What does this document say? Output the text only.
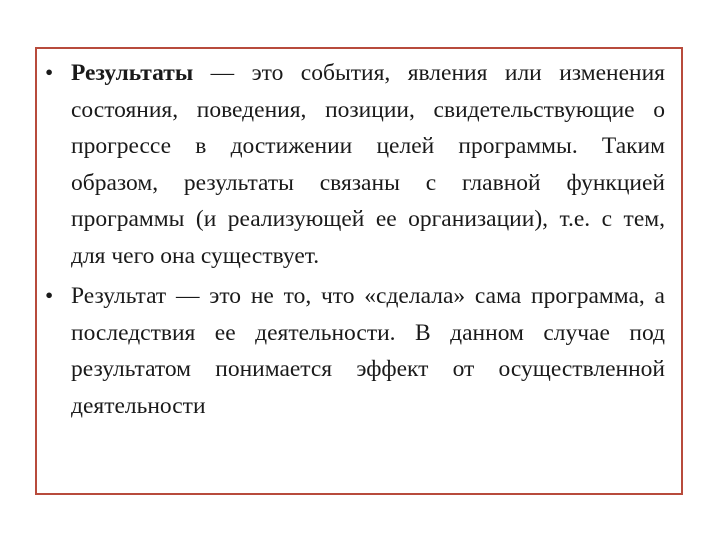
• Результаты — это события, явления или изменения состояния, поведения, позиции, свидетельствующие о прогрессе в достижении целей программы. Таким образом, результаты связаны с главной функцией программы (и реализующей ее организации), т.е. с тем, для чего она существует.
• Результат — это не то, что «сделала» сама программа, а последствия ее деятельности. В данном случае под результатом понимается эффект от осуществленной деятельности
